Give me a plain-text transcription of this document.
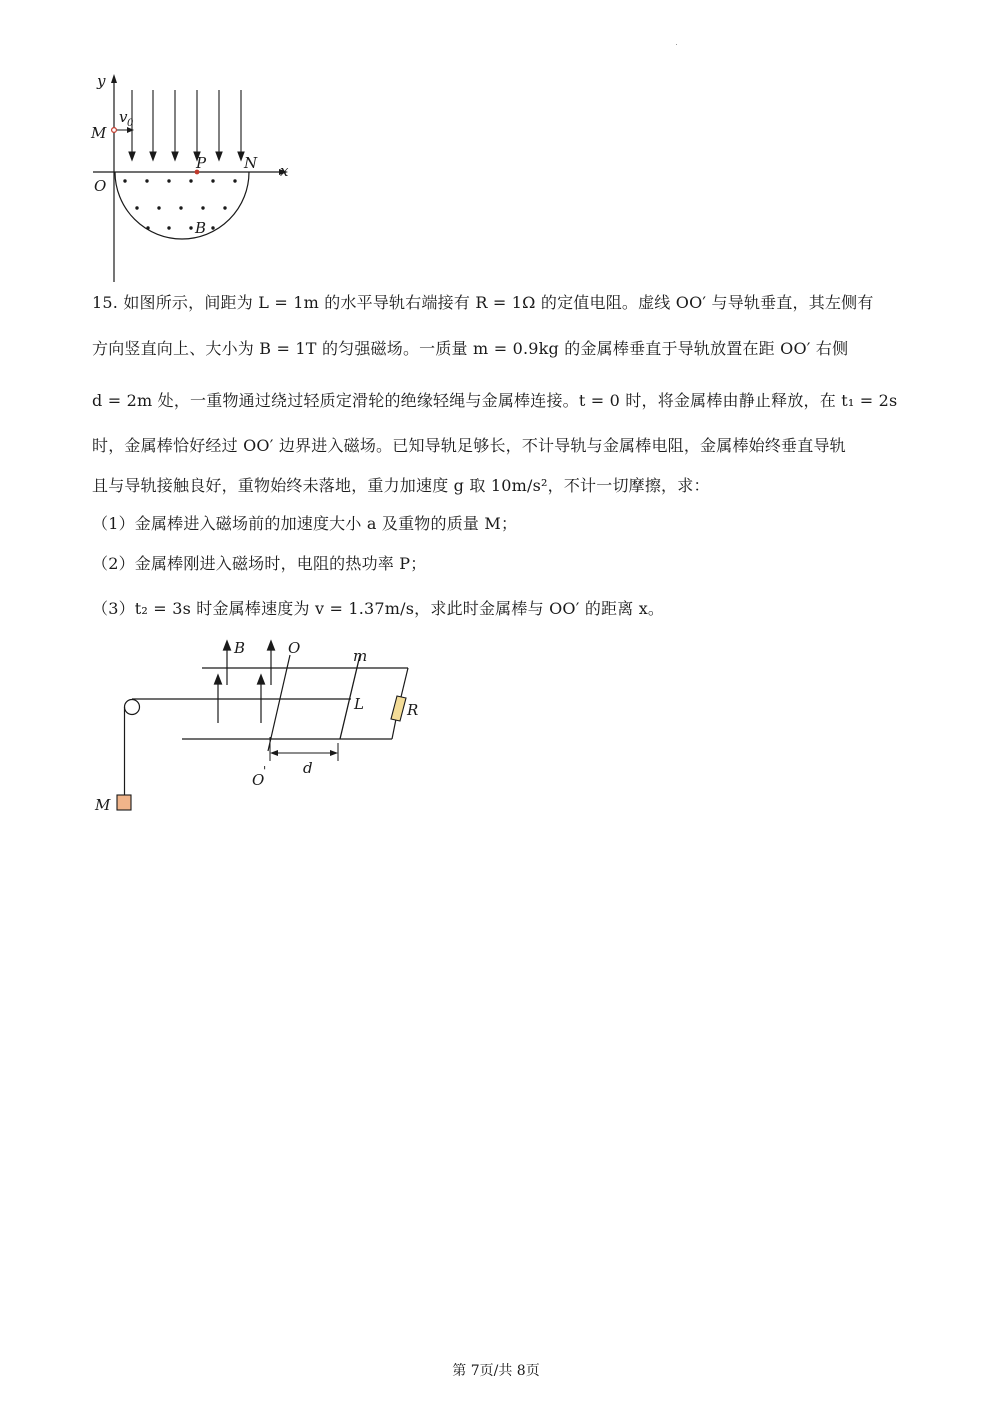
y
x
O
M
v 0
P	N
B
15. 如图所示，间距为 L = 1m 的水平导轨右端接有 R = 1Ω 的定值电阻。虚线 OO′ 与导轨垂直，其左侧有
方向竖直向上、大小为 B = 1T 的匀强磁场。一质量 m = 0.9kg 的金属棒垂直于导轨放置在距 OO′ 右侧
d = 2m 处，一重物通过绕过轻质定滑轮的绝缘轻绳与金属棒连接。t = 0 时，将金属棒由静止释放，在 t₁ = 2s
时，金属棒恰好经过 OO′ 边界进入磁场。已知导轨足够长，不计导轨与金属棒电阻，金属棒始终垂直导轨
且与导轨接触良好，重物始终未落地，重力加速度 g 取 10m/s²，不计一切摩擦，求：
（1）金属棒进入磁场前的加速度大小 a 及重物的质量 M；
（2）金属棒刚进入磁场时，电阻的热功率 P；
（3）t₂ = 3s 时金属棒速度为 v = 1.37m/s，求此时金属棒与 OO′ 的距离 x。
B	O	m
L	R
O
' d
M
第 7页/共 8页
